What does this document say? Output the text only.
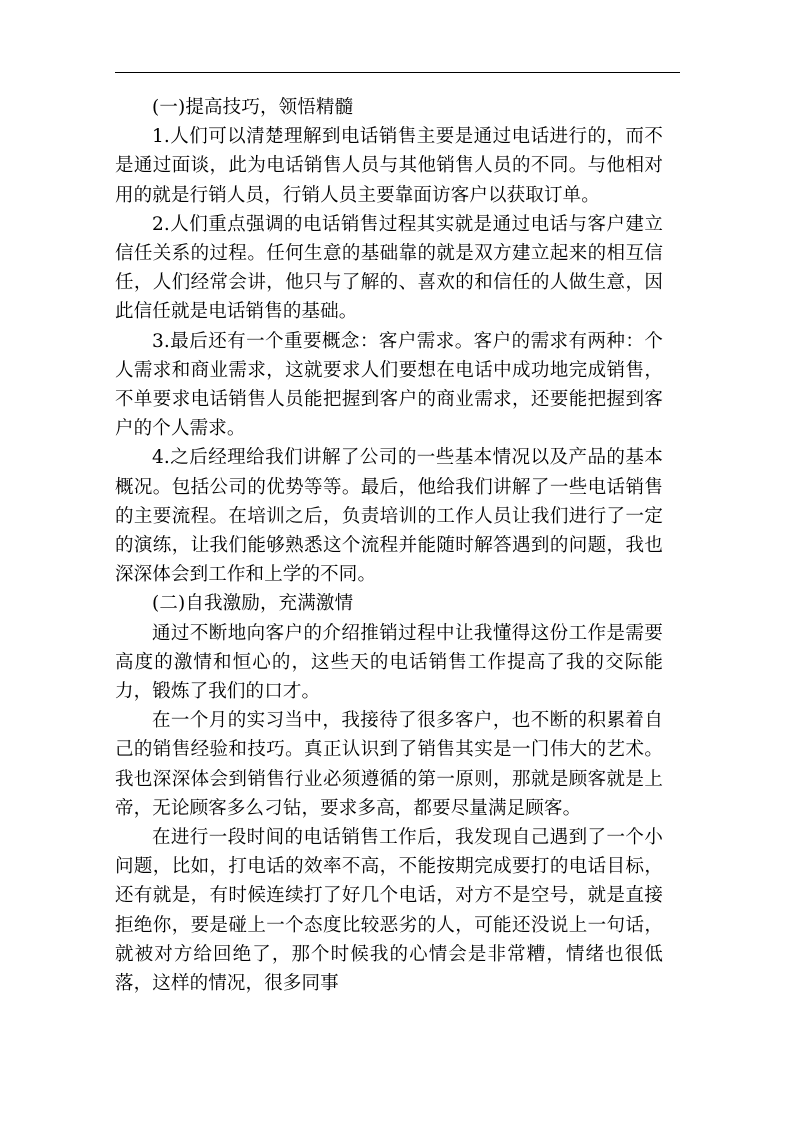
(一)提高技巧，领悟精髓

1.人们可以清楚理解到电话销售主要是通过电话进行的，而不是通过面谈，此为电话销售人员与其他销售人员的不同。与他相对用的就是行销人员，行销人员主要靠面访客户以获取订单。

2.人们重点强调的电话销售过程其实就是通过电话与客户建立信任关系的过程。任何生意的基础靠的就是双方建立起来的相互信任，人们经常会讲，他只与了解的、喜欢的和信任的人做生意，因此信任就是电话销售的基础。

3.最后还有一个重要概念：客户需求。客户的需求有两种：个人需求和商业需求，这就要求人们要想在电话中成功地完成销售，不单要求电话销售人员能把握到客户的商业需求，还要能把握到客户的个人需求。

4.之后经理给我们讲解了公司的一些基本情况以及产品的基本概况。包括公司的优势等等。最后，他给我们讲解了一些电话销售的主要流程。在培训之后，负责培训的工作人员让我们进行了一定的演练，让我们能够熟悉这个流程并能随时解答遇到的问题，我也深深体会到工作和上学的不同。

(二)自我激励，充满激情

通过不断地向客户的介绍推销过程中让我懂得这份工作是需要高度的激情和恒心的，这些天的电话销售工作提高了我的交际能力，锻炼了我们的口才。

在一个月的实习当中，我接待了很多客户，也不断的积累着自己的销售经验和技巧。真正认识到了销售其实是一门伟大的艺术。我也深深体会到销售行业必须遵循的第一原则，那就是顾客就是上帝，无论顾客多么刁钻，要求多高，都要尽量满足顾客。

在进行一段时间的电话销售工作后，我发现自己遇到了一个小问题，比如，打电话的效率不高，不能按期完成要打的电话目标，还有就是，有时候连续打了好几个电话，对方不是空号，就是直接拒绝你，要是碰上一个态度比较恶劣的人，可能还没说上一句话，就被对方给回绝了，那个时候我的心情会是非常糟，情绪也很低落，这样的情况，很多同事
